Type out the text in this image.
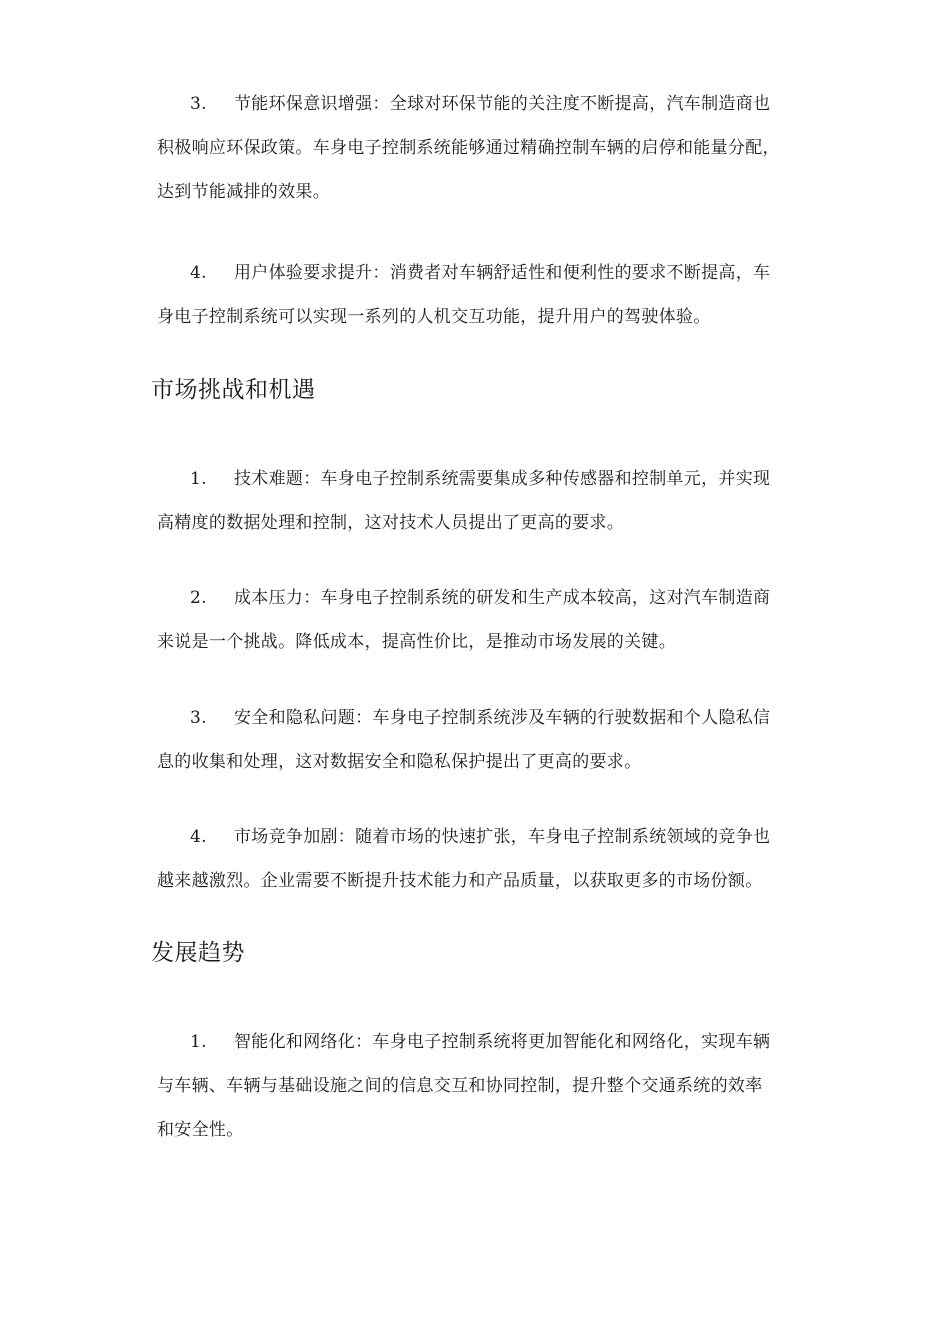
3. 节能环保意识增强：全球对环保节能的关注度不断提高，汽车制造商也
积极响应环保政策。车身电子控制系统能够通过精确控制车辆的启停和能量分配，
达到节能减排的效果。
4. 用户体验要求提升：消费者对车辆舒适性和便利性的要求不断提高，车
身电子控制系统可以实现一系列的人机交互功能，提升用户的驾驶体验。
市场挑战和机遇
1. 技术难题：车身电子控制系统需要集成多种传感器和控制单元，并实现
高精度的数据处理和控制，这对技术人员提出了更高的要求。
2. 成本压力：车身电子控制系统的研发和生产成本较高，这对汽车制造商
来说是一个挑战。降低成本，提高性价比，是推动市场发展的关键。
3. 安全和隐私问题：车身电子控制系统涉及车辆的行驶数据和个人隐私信
息的收集和处理，这对数据安全和隐私保护提出了更高的要求。
4. 市场竞争加剧：随着市场的快速扩张，车身电子控制系统领域的竞争也
越来越激烈。企业需要不断提升技术能力和产品质量，以获取更多的市场份额。
发展趋势
1. 智能化和网络化：车身电子控制系统将更加智能化和网络化，实现车辆
与车辆、车辆与基础设施之间的信息交互和协同控制，提升整个交通系统的效率
和安全性。
